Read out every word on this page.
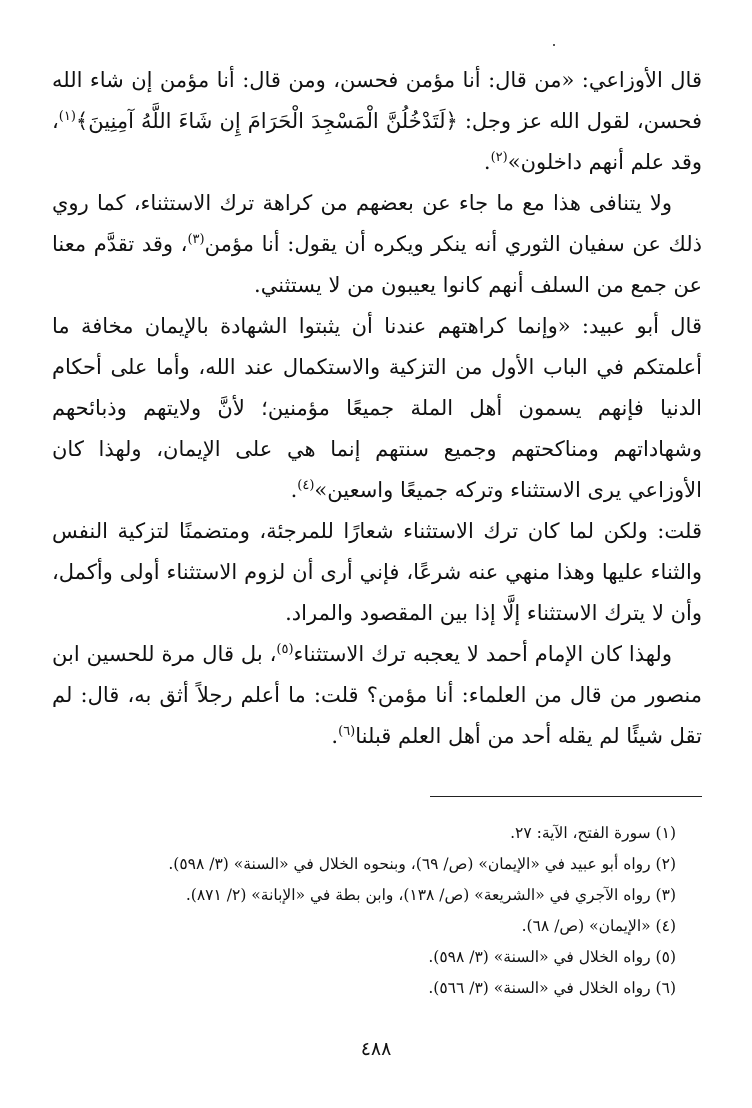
قال الأوزاعي: «من قال: أنا مؤمن فحسن، ومن قال: أنا مؤمن إن شاء الله فحسن، لقول الله عز وجل: ﴿لَتَدْخُلُنَّ الْمَسْجِدَ الْحَرَامَ إِن شَاءَ اللَّهُ آمِنِينَ﴾$^{(١)}$، وقد علم أنهم داخلون»$^{(٢)}$.

ولا يتنافى هذا مع ما جاء عن بعضهم من كراهة ترك الاستثناء، كما روي ذلك عن سفيان الثوري أنه ينكر ويكره أن يقول: أنا مؤمن$^{(٣)}$، وقد تقدَّم معنا عن جمع من السلف أنهم كانوا يعيبون من لا يستثني.

قال أبو عبيد: «وإنما كراهتهم عندنا أن يثبتوا الشهادة بالإيمان مخافة ما أعلمتكم في الباب الأول من التزكية والاستكمال عند الله، وأما على أحكام الدنيا فإنهم يسمون أهل الملة جميعًا مؤمنين؛ لأنَّ ولايتهم وذبائحهم وشهاداتهم ومناكحتهم وجميع سنتهم إنما هي على الإيمان، ولهذا كان الأوزاعي يرى الاستثناء وتركه جميعًا واسعين»$^{(٤)}$.

قلت: ولكن لما كان ترك الاستثناء شعارًا للمرجئة، ومتضمنًا لتزكية النفس والثناء عليها وهذا منهي عنه شرعًا، فإني أرى أن لزوم الاستثناء أولى وأكمل، وأن لا يترك الاستثناء إلَّا إذا بين المقصود والمراد.

ولهذا كان الإمام أحمد لا يعجبه ترك الاستثناء$^{(٥)}$، بل قال مرة للحسين ابن منصور من قال من العلماء: أنا مؤمن؟ قلت: ما أعلم رجلاً أثق به، قال: لم تقل شيئًا لم يقله أحد من أهل العلم قبلنا$^{(٦)}$.

(١) سورة الفتح، الآية: ٢٧.

(٢) رواه أبو عبيد في «الإيمان» (ص/ ٦٩)، وبنحوه الخلال في «السنة» (٣/ ٥٩٨).

(٣) رواه الآجري في «الشريعة» (ص/ ١٣٨)، وابن بطة في «الإبانة» (٢/ ٨٧١).

(٤) «الإيمان» (ص/ ٦٨).

(٥) رواه الخلال في «السنة» (٣/ ٥٩٨).

(٦) رواه الخلال في «السنة» (٣/ ٥٦٦).

٤٨٨
